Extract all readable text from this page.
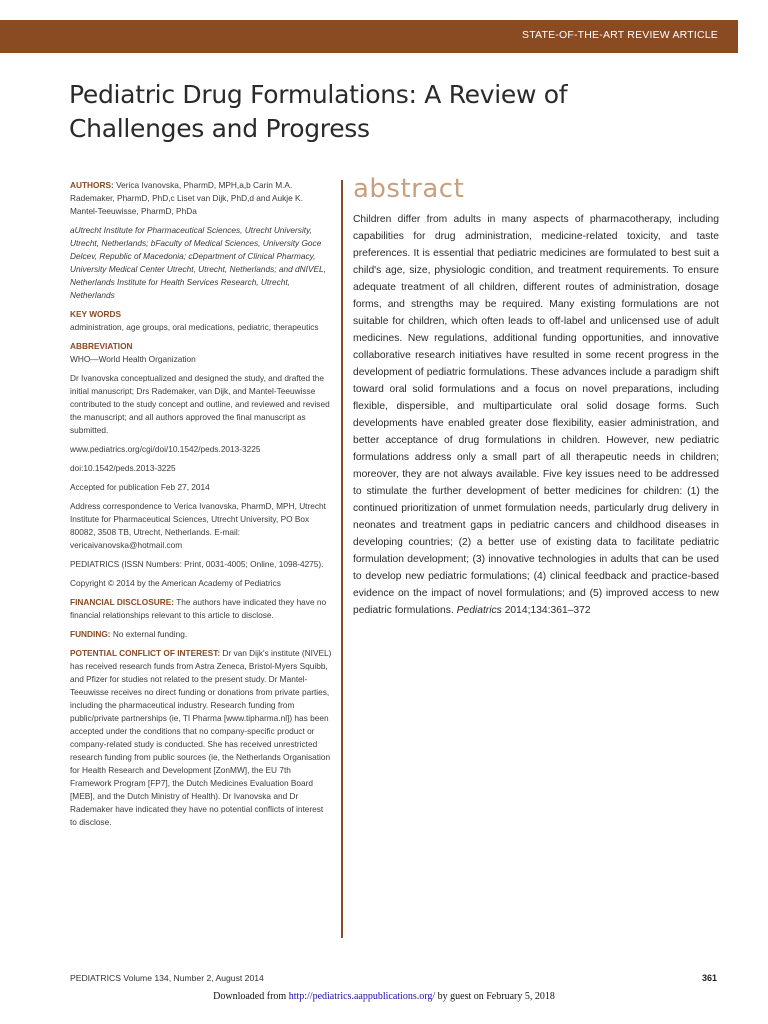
STATE-OF-THE-ART REVIEW ARTICLE
Pediatric Drug Formulations: A Review of Challenges and Progress

AUTHORS: Verica Ivanovska, PharmD, MPH,a,b Carin M.A. Rademaker, PharmD, PhD,c Liset van Dijk, PhD,d and Aukje K. Mantel-Teeuwisse, PharmD, PhDa

aUtrecht Institute for Pharmaceutical Sciences, Utrecht University, Utrecht, Netherlands; bFaculty of Medical Sciences, University Goce Delcev, Republic of Macedonia; cDepartment of Clinical Pharmacy, University Medical Center Utrecht, Utrecht, Netherlands; and dNIVEL, Netherlands Institute for Health Services Research, Utrecht, Netherlands

KEY WORDS
administration, age groups, oral medications, pediatric, therapeutics

ABBREVIATION
WHO—World Health Organization

Dr Ivanovska conceptualized and designed the study, and drafted the initial manuscript; Drs Rademaker, van Dijk, and Mantel-Teeuwisse contributed to the study concept and outline, and reviewed and revised the manuscript; and all authors approved the final manuscript as submitted.

www.pediatrics.org/cgi/doi/10.1542/peds.2013-3225

doi:10.1542/peds.2013-3225

Accepted for publication Feb 27, 2014

Address correspondence to Verica Ivanovska, PharmD, MPH, Utrecht Institute for Pharmaceutical Sciences, Utrecht University, PO Box 80082, 3508 TB, Utrecht, Netherlands. E-mail: vericaivanovska@hotmail.com

PEDIATRICS (ISSN Numbers: Print, 0031-4005; Online, 1098-4275).

Copyright © 2014 by the American Academy of Pediatrics

FINANCIAL DISCLOSURE: The authors have indicated they have no financial relationships relevant to this article to disclose.

FUNDING: No external funding.

POTENTIAL CONFLICT OF INTEREST: Dr van Dijk's institute (NIVEL) has received research funds from Astra Zeneca, Bristol-Myers Squibb, and Pfizer for studies not related to the present study. Dr Mantel-Teeuwisse receives no direct funding or donations from private parties, including the pharmaceutical industry. Research funding from public/private partnerships (ie, TI Pharma [www.tipharma.nl]) has been accepted under the conditions that no company-specific product or company-related study is conducted. She has received unrestricted research funding from public sources (ie, the Netherlands Organisation for Health Research and Development [ZonMW], the EU 7th Framework Program [FP7], the Dutch Medicines Evaluation Board [MEB], and the Dutch Ministry of Health). Dr Ivanovska and Dr Rademaker have indicated they have no potential conflicts of interest to disclose.

abstract
Children differ from adults in many aspects of pharmacotherapy, including capabilities for drug administration, medicine-related toxicity, and taste preferences. It is essential that pediatric medicines are formulated to best suit a child's age, size, physiologic condition, and treatment requirements. To ensure adequate treatment of all children, different routes of administration, dosage forms, and strengths may be required. Many existing formulations are not suitable for children, which often leads to off-label and unlicensed use of adult medicines. New regulations, additional funding opportunities, and innovative collaborative research initiatives have resulted in some recent progress in the development of pediatric formulations. These advances include a paradigm shift toward oral solid formulations and a focus on novel preparations, including flexible, dispersible, and multiparticulate oral solid dosage forms. Such developments have enabled greater dose flexibility, easier administration, and better acceptance of drug formulations in children. However, new pediatric formulations address only a small part of all therapeutic needs in children; moreover, they are not always available. Five key issues need to be addressed to stimulate the further development of better medicines for children: (1) the continued prioritization of unmet formulation needs, particularly drug delivery in neonates and treatment gaps in pediatric cancers and childhood diseases in developing countries; (2) a better use of existing data to facilitate pediatric formulation development; (3) innovative technologies in adults that can be used to develop new pediatric formulations; (4) clinical feedback and practice-based evidence on the impact of novel formulations; and (5) improved access to new pediatric formulations. Pediatrics 2014;134:361–372
PEDIATRICS Volume 134, Number 2, August 2014	361
Downloaded from http://pediatrics.aappublications.org/ by guest on February 5, 2018
